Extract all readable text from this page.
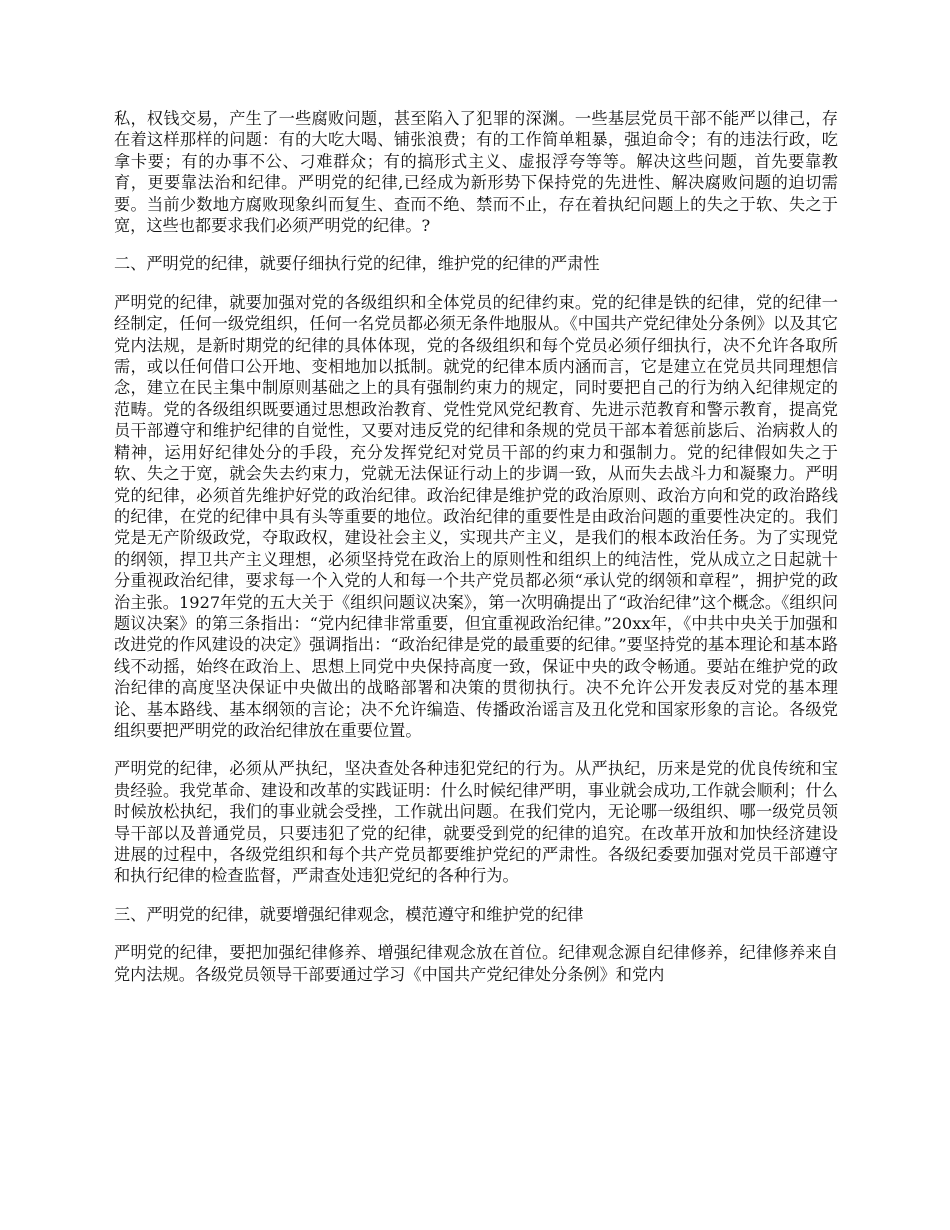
私，权钱交易，产生了一些腐败问题，甚至陷入了犯罪的深渊。一些基层党员干部不能严以律己，存在着这样那样的问题：有的大吃大喝、铺张浪费；有的工作简单粗暴，强迫命令；有的违法行政，吃拿卡要；有的办事不公、刁难群众；有的搞形式主义、虚报浮夸等等。解决这些问题，首先要靠教育，更要靠法治和纪律。严明党的纪律,已经成为新形势下保持党的先进性、解决腐败问题的迫切需要。当前少数地方腐败现象纠而复生、查而不绝、禁而不止，存在着执纪问题上的失之于软、失之于宽，这些也都要求我们必须严明党的纪律。?

二、严明党的纪律，就要仔细执行党的纪律，维护党的纪律的严肃性

严明党的纪律，就要加强对党的各级组织和全体党员的纪律约束。党的纪律是铁的纪律，党的纪律一经制定，任何一级党组织，任何一名党员都必须无条件地服从。《中国共产党纪律处分条例》以及其它党内法规，是新时期党的纪律的具体体现，党的各级组织和每个党员必须仔细执行，决不允许各取所需，或以任何借口公开地、变相地加以抵制。就党的纪律本质内涵而言，它是建立在党员共同理想信念，建立在民主集中制原则基础之上的具有强制约束力的规定，同时要把自己的行为纳入纪律规定的范畴。党的各级组织既要通过思想政治教育、党性党风党纪教育、先进示范教育和警示教育，提高党员干部遵守和维护纪律的自觉性，又要对违反党的纪律和条规的党员干部本着惩前毖后、治病救人的精神，运用好纪律处分的手段，充分发挥党纪对党员干部的约束力和强制力。党的纪律假如失之于软、失之于宽，就会失去约束力，党就无法保证行动上的步调一致，从而失去战斗力和凝聚力。严明党的纪律，必须首先维护好党的政治纪律。政治纪律是维护党的政治原则、政治方向和党的政治路线的纪律，在党的纪律中具有头等重要的地位。政治纪律的重要性是由政治问题的重要性决定的。我们党是无产阶级政党，夺取政权，建设社会主义，实现共产主义，是我们的根本政治任务。为了实现党的纲领，捍卫共产主义理想，必须坚持党在政治上的原则性和组织上的纯洁性，党从成立之日起就十分重视政治纪律，要求每一个入党的人和每一个共产党员都必须“承认党的纲领和章程”，拥护党的政治主张。1927年党的五大关于《组织问题议决案》，第一次明确提出了“政治纪律”这个概念。《组织问题议决案》的第三条指出：“党内纪律非常重要，但宜重视政治纪律。”20xx年，《中共中央关于加强和改进党的作风建设的决定》强调指出：“政治纪律是党的最重要的纪律。”要坚持党的基本理论和基本路线不动摇，始终在政治上、思想上同党中央保持高度一致，保证中央的政令畅通。要站在维护党的政治纪律的高度坚决保证中央做出的战略部署和决策的贯彻执行。决不允许公开发表反对党的基本理论、基本路线、基本纲领的言论；决不允许编造、传播政治谣言及丑化党和国家形象的言论。各级党组织要把严明党的政治纪律放在重要位置。

严明党的纪律，必须从严执纪，坚决查处各种违犯党纪的行为。从严执纪，历来是党的优良传统和宝贵经验。我党革命、建设和改革的实践证明：什么时候纪律严明，事业就会成功,工作就会顺利；什么时候放松执纪，我们的事业就会受挫，工作就出问题。在我们党内，无论哪一级组织、哪一级党员领导干部以及普通党员，只要违犯了党的纪律，就要受到党的纪律的追究。在改革开放和加快经济建设进展的过程中，各级党组织和每个共产党员都要维护党纪的严肃性。各级纪委要加强对党员干部遵守和执行纪律的检查监督，严肃查处违犯党纪的各种行为。

三、严明党的纪律，就要增强纪律观念，模范遵守和维护党的纪律

严明党的纪律，要把加强纪律修养、增强纪律观念放在首位。纪律观念源自纪律修养，纪律修养来自党内法规。各级党员领导干部要通过学习《中国共产党纪律处分条例》和党内
